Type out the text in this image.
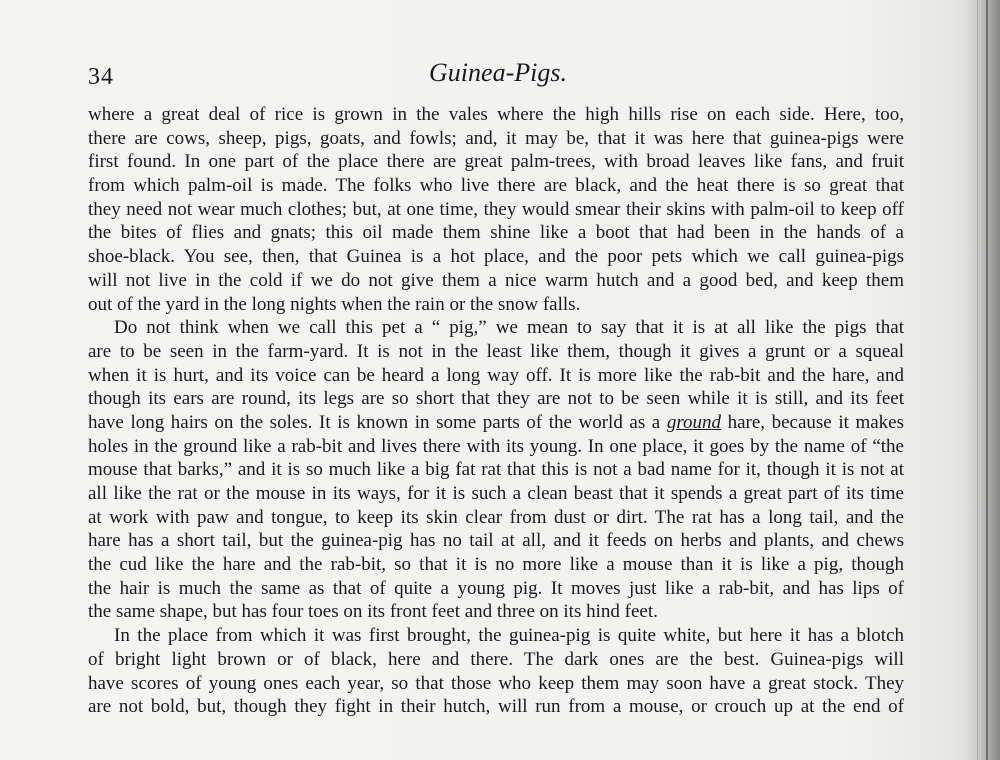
34	Guinea-Pigs.
where a great deal of rice is grown in the vales where the high hills rise on each side. Here, too,
there are cows, sheep, pigs, goats, and fowls; and, it may be, that it was here that guinea-pigs were
first found. In one part of the place there are great palm-trees, with broad leaves like fans, and fruit
from which palm-oil is made. The folks who live there are black, and the heat there is so great that
they need not wear much clothes; but, at one time, they would smear their skins with palm-oil to keep off
the bites of flies and gnats; this oil made them shine like a boot that had been in the hands of a
shoe-black. You see, then, that Guinea is a hot place, and the poor pets which we call guinea-pigs
will not live in the cold if we do not give them a nice warm hutch and a good bed, and keep them
out of the yard in the long nights when the rain or the snow falls.
Do not think when we call this pet a “ pig,” we mean to say that it is at all like the pigs that
are to be seen in the farm-yard. It is not in the least like them, though it gives a grunt or a squeal
when it is hurt, and its voice can be heard a long way off. It is more like the rab-bit and the hare, and
though its ears are round, its legs are so short that they are not to be seen while it is still, and its feet
have long hairs on the soles. It is known in some parts of the world as a ground hare, because it makes
holes in the ground like a rab-bit and lives there with its young. In one place, it goes by the name of “the
mouse that barks,” and it is so much like a big fat rat that this is not a bad name for it, though it is not at
all like the rat or the mouse in its ways, for it is such a clean beast that it spends a great part of its time
at work with paw and tongue, to keep its skin clear from dust or dirt. The rat has a long tail, and the
hare has a short tail, but the guinea-pig has no tail at all, and it feeds on herbs and plants, and chews
the cud like the hare and the rab-bit, so that it is no more like a mouse than it is like a pig, though
the hair is much the same as that of quite a young pig. It moves just like a rab-bit, and has lips of
the same shape, but has four toes on its front feet and three on its hind feet.
In the place from which it was first brought, the guinea-pig is quite white, but here it has a blotch
of bright light brown or of black, here and there. The dark ones are the best. Guinea-pigs will
have scores of young ones each year, so that those who keep them may soon have a great stock. They
are not bold, but, though they fight in their hutch, will run from a mouse, or crouch up at the end of
